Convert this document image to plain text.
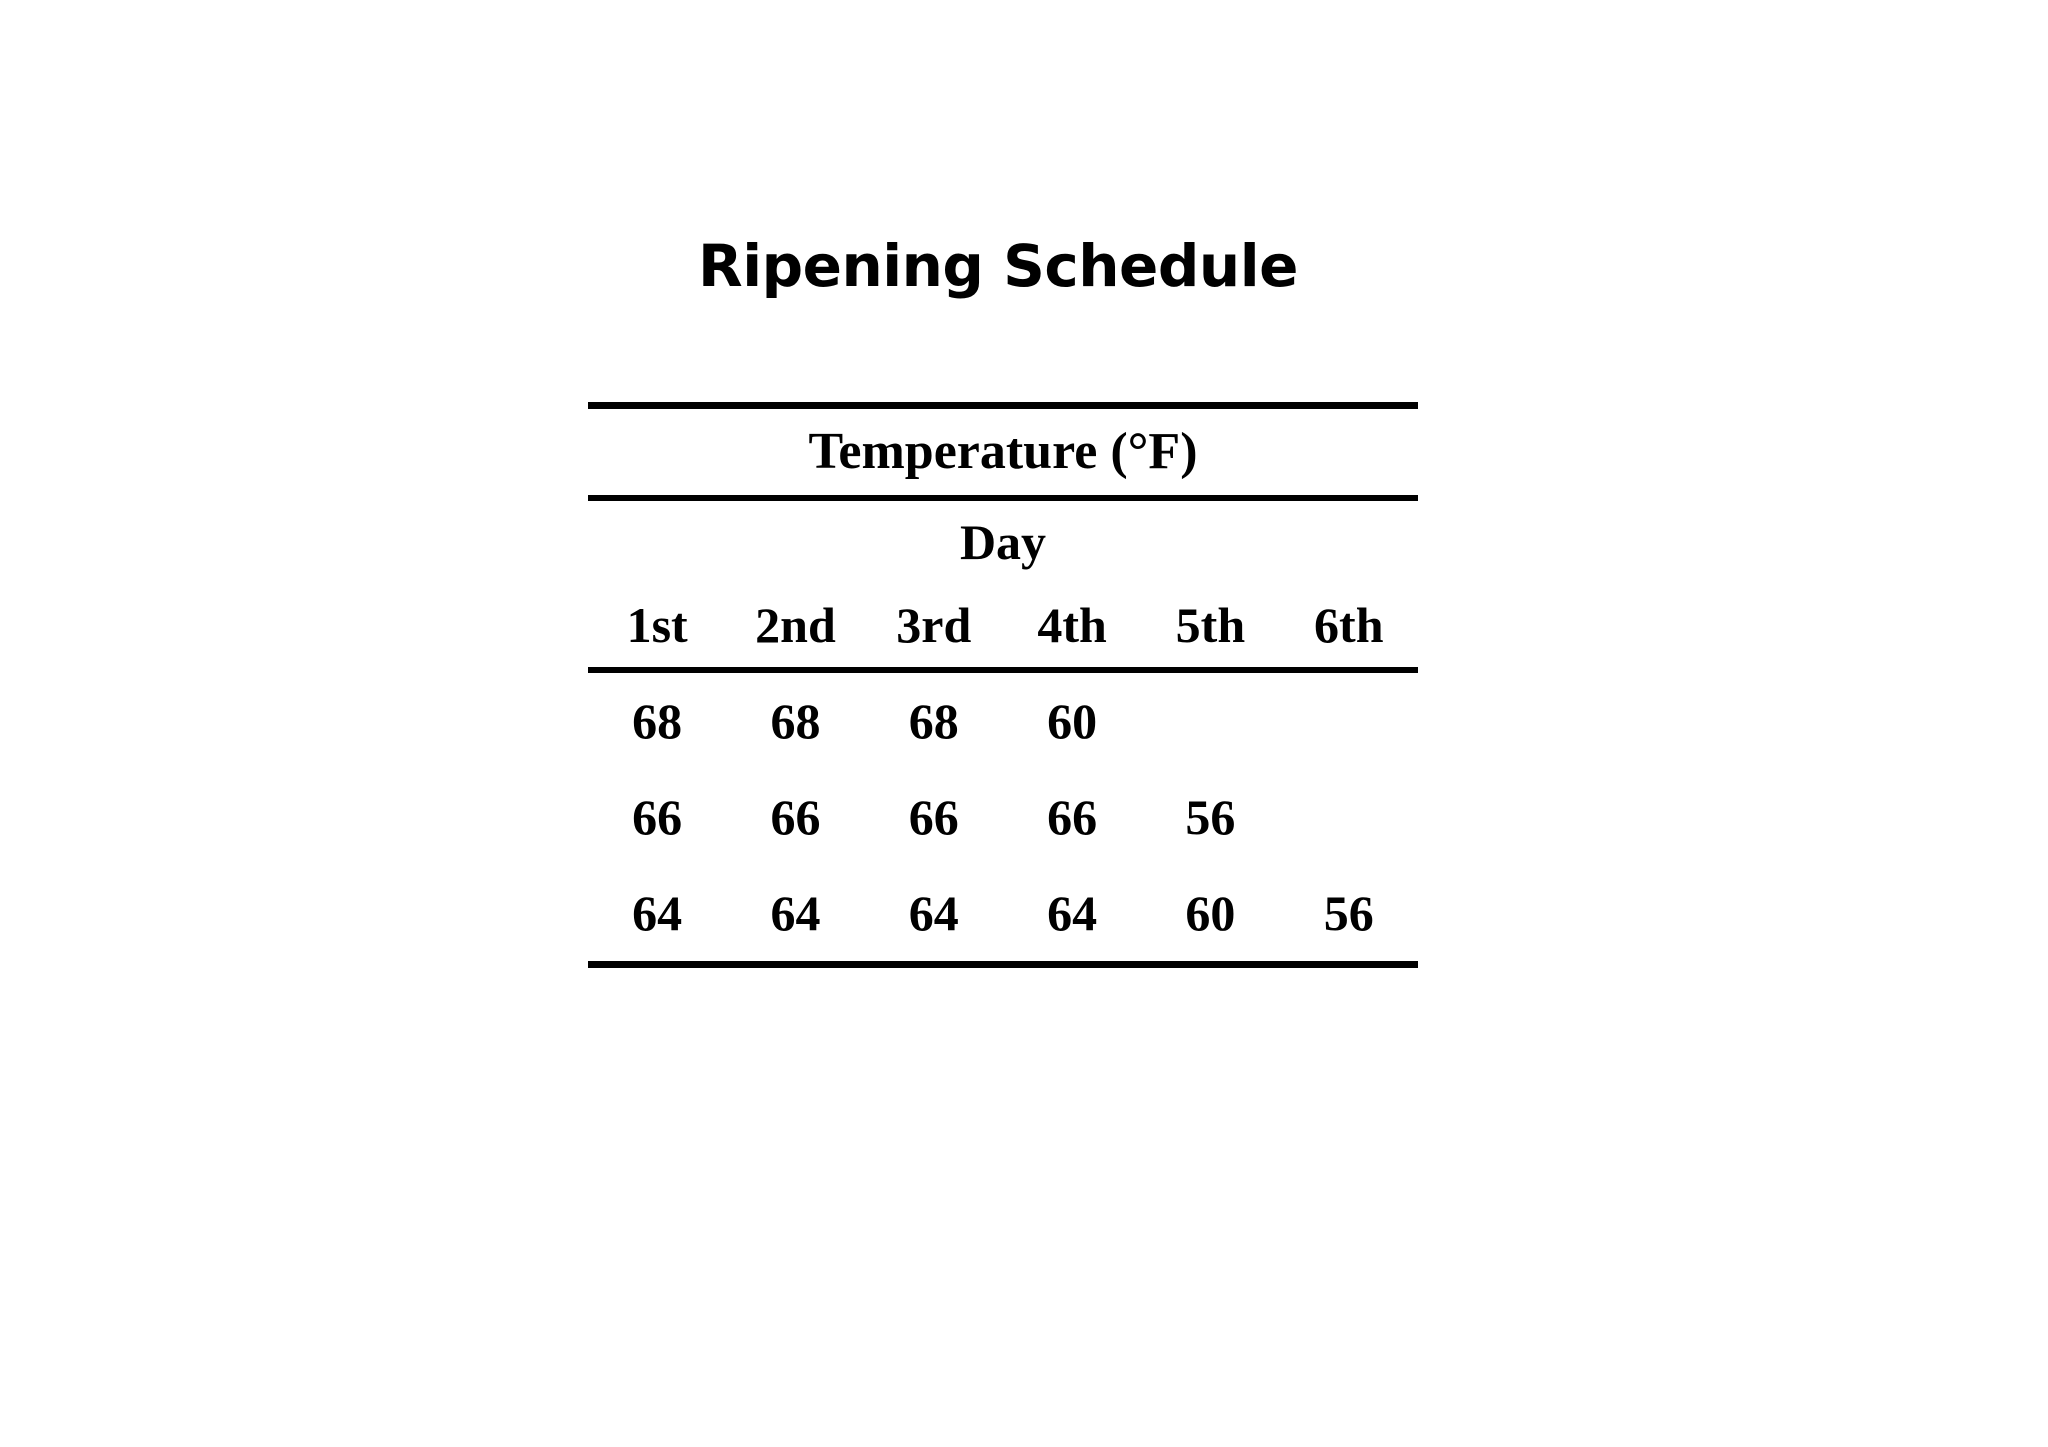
Ripening Schedule

Temperature (°F)					
Day					
1st	2nd	3rd	4th	5th	6th
68	68	68	60		
66	66	66	66	56	
64	64	64	64	60	56
